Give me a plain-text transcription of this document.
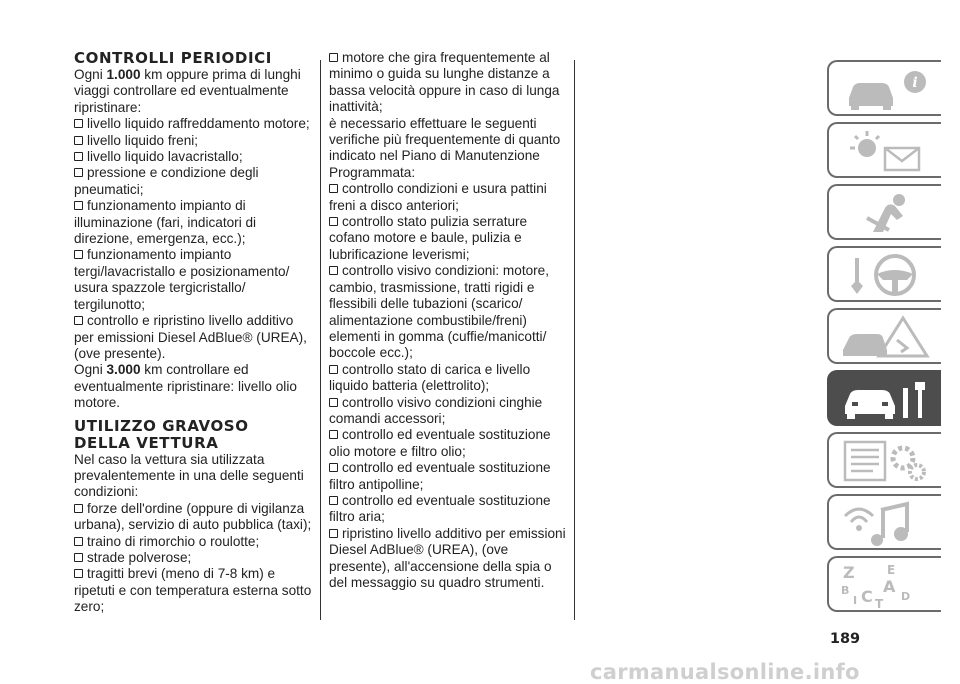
CONTROLLI PERIODICI

Ogni 1.000 km oppure prima di lunghi viaggi controllare ed eventualmente ripristinare:

livello liquido raffreddamento motore;

livello liquido freni;

livello liquido lavacristallo;

pressione e condizione degli pneumatici;

funzionamento impianto di illuminazione (fari, indicatori di direzione, emergenza, ecc.);

funzionamento impianto tergi/lavacristallo e posizionamento/ usura spazzole tergicristallo/ tergilunotto;

controllo e ripristino livello additivo per emissioni Diesel AdBlue® (UREA), (ove presente).

Ogni 3.000 km controllare ed eventualmente ripristinare: livello olio motore.

UTILIZZO GRAVOSO
DELLA VETTURA

Nel caso la vettura sia utilizzata prevalentemente in una delle seguenti condizioni:

forze dell'ordine (oppure di vigilanza urbana), servizio di auto pubblica (taxi);

traino di rimorchio o roulotte;

strade polverose;

tragitti brevi (meno di 7-8 km) e ripetuti e con temperatura esterna sotto zero;

motore che gira frequentemente al minimo o guida su lunghe distanze a bassa velocità oppure in caso di lunga inattività;

è necessario effettuare le seguenti verifiche più frequentemente di quanto indicato nel Piano di Manutenzione Programmata:

controllo condizioni e usura pattini freni a disco anteriori;

controllo stato pulizia serrature cofano motore e baule, pulizia e lubrificazione leverismi;

controllo visivo condizioni: motore, cambio, trasmissione, tratti rigidi e flessibili delle tubazioni (scarico/ alimentazione combustibile/freni) elementi in gomma (cuffie/manicotti/ boccole ecc.);

controllo stato di carica e livello liquido batteria (elettrolito);

controllo visivo condizioni cinghie comandi accessori;

controllo ed eventuale sostituzione olio motore e filtro olio;

controllo ed eventuale sostituzione filtro antipolline;

controllo ed eventuale sostituzione filtro aria;

ripristino livello additivo per emissioni Diesel AdBlue® (UREA), (ove presente), all'accensione della spia o del messaggio su quadro strumenti.

i
Z	E
B A
I C	D
T
189
carmanualsonline.info
